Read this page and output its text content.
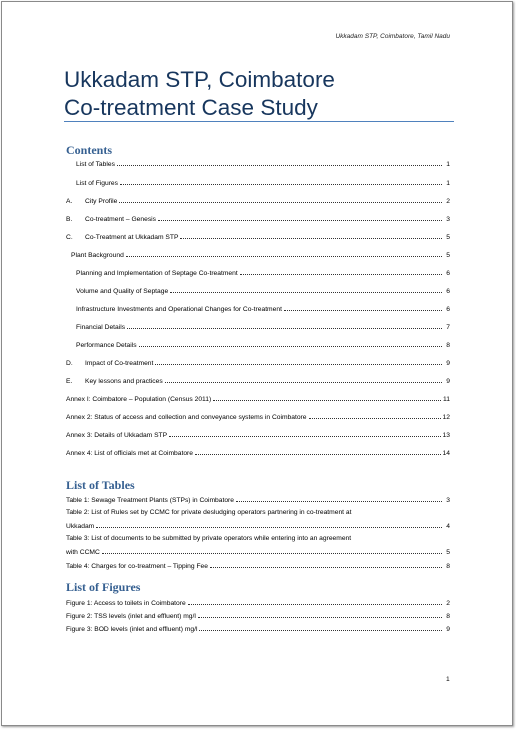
Ukkadam STP, Coimbatore, Tamil Nadu
Ukkadam STP, Coimbatore
Co-treatment Case Study
Contents
List of Tables	1
List of Figures	1
A.	City Profile	2
B.	Co-treatment – Genesis	3
C.	Co-Treatment at Ukkadam STP	5
Plant Background	5
Planning and Implementation of Septage Co-treatment	6
Volume and Quality of Septage	6
Infrastructure Investments and Operational Changes for Co-treatment	6
Financial Details	7
Performance Details	8
D.	Impact of Co-treatment	9
E.	Key lessons and practices	9
Annex I: Coimbatore – Population (Census 2011)	11
Annex 2: Status of access and collection and conveyance systems in Coimbatore	12
Annex 3: Details of Ukkadam STP	13
Annex 4: List of officials met at Coimbatore	14
List of Tables
Table 1: Sewage Treatment Plants (STPs) in Coimbatore	3
Table 2: List of Rules set by CCMC for private desludging operators partnering in co-treatment at
Ukkadam	4
Table 3: List of documents to be submitted by private operators while entering into an agreement
with CCMC	5
Table 4: Charges for co-treatment – Tipping Fee	8
List of Figures
Figure 1: Access to toilets in Coimbatore	2
Figure 2: TSS levels (inlet and effluent) mg/l	8
Figure 3: BOD levels (inlet and effluent) mg/l	9
1
